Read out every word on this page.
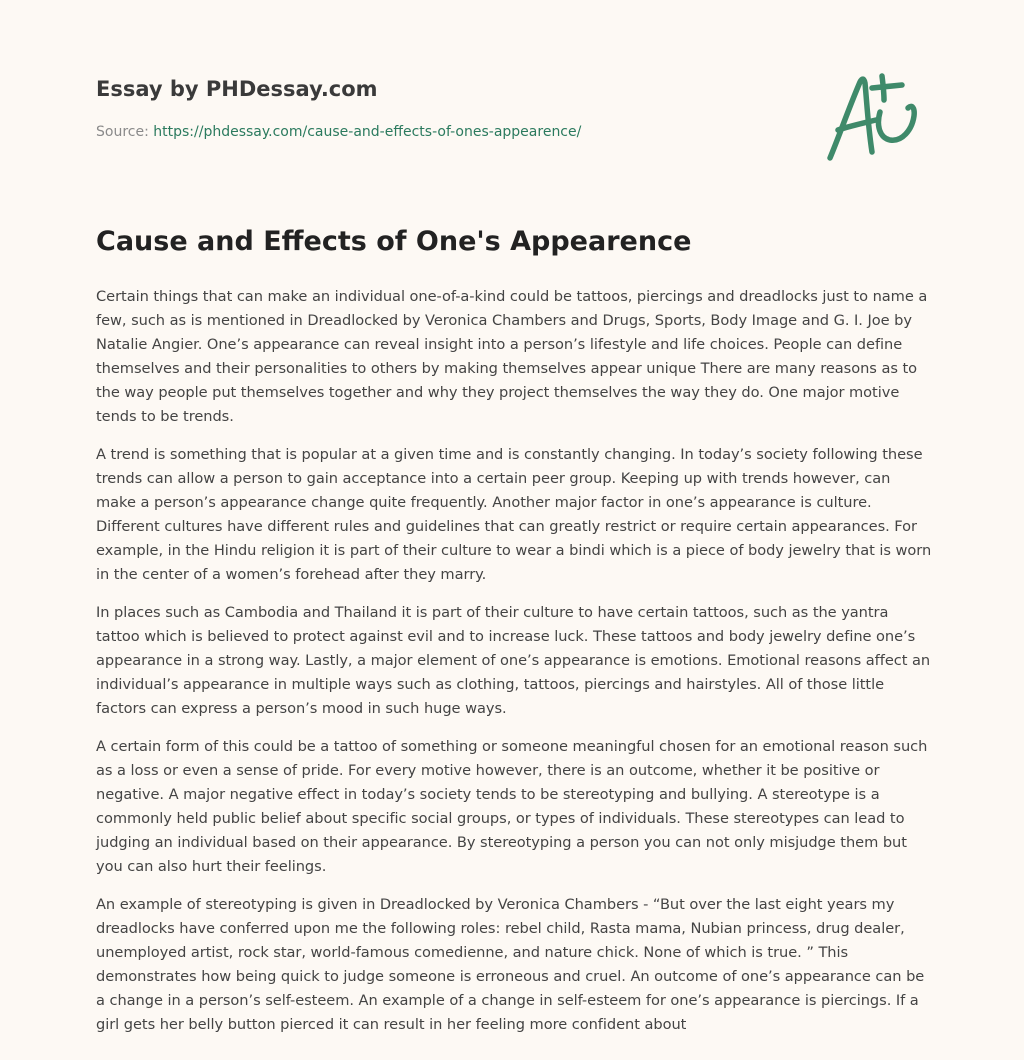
Essay by PHDessay.com
Source: https://phdessay.com/cause-and-effects-of-ones-appearence/
Cause and Effects of One's Appearence

Certain things that can make an individual one-of-a-kind could be tattoos, piercings and dreadlocks just to name a few, such as is mentioned in Dreadlocked by Veronica Chambers and Drugs, Sports, Body Image and G. I. Joe by Natalie Angier. One’s appearance can reveal insight into a person’s lifestyle and life choices. People can define themselves and their personalities to others by making themselves appear unique There are many reasons as to the way people put themselves together and why they project themselves the way they do. One major motive tends to be trends.

A trend is something that is popular at a given time and is constantly changing. In today’s society following these trends can allow a person to gain acceptance into a certain peer group. Keeping up with trends however, can make a person’s appearance change quite frequently. Another major factor in one’s appearance is culture. Different cultures have different rules and guidelines that can greatly restrict or require certain appearances. For example, in the Hindu religion it is part of their culture to wear a bindi which is a piece of body jewelry that is worn in the center of a women’s forehead after they marry.

In places such as Cambodia and Thailand it is part of their culture to have certain tattoos, such as the yantra tattoo which is believed to protect against evil and to increase luck. These tattoos and body jewelry define one’s appearance in a strong way. Lastly, a major element of one’s appearance is emotions. Emotional reasons affect an individual’s appearance in multiple ways such as clothing, tattoos, piercings and hairstyles. All of those little factors can express a person’s mood in such huge ways.

A certain form of this could be a tattoo of something or someone meaningful chosen for an emotional reason such as a loss or even a sense of pride. For every motive however, there is an outcome, whether it be positive or negative. A major negative effect in today’s society tends to be stereotyping and bullying. A stereotype is a commonly held public belief about specific social groups, or types of individuals. These stereotypes can lead to judging an individual based on their appearance. By stereotyping a person you can not only misjudge them but you can also hurt their feelings.

An example of stereotyping is given in Dreadlocked by Veronica Chambers - “But over the last eight years my dreadlocks have conferred upon me the following roles: rebel child, Rasta mama, Nubian princess, drug dealer, unemployed artist, rock star, world-famous comedienne, and nature chick. None of which is true. ” This demonstrates how being quick to judge someone is erroneous and cruel. An outcome of one’s appearance can be a change in a person’s self-esteem. An example of a change in self-esteem for one’s appearance is piercings. If a girl gets her belly button pierced it can result in her feeling more confident about
